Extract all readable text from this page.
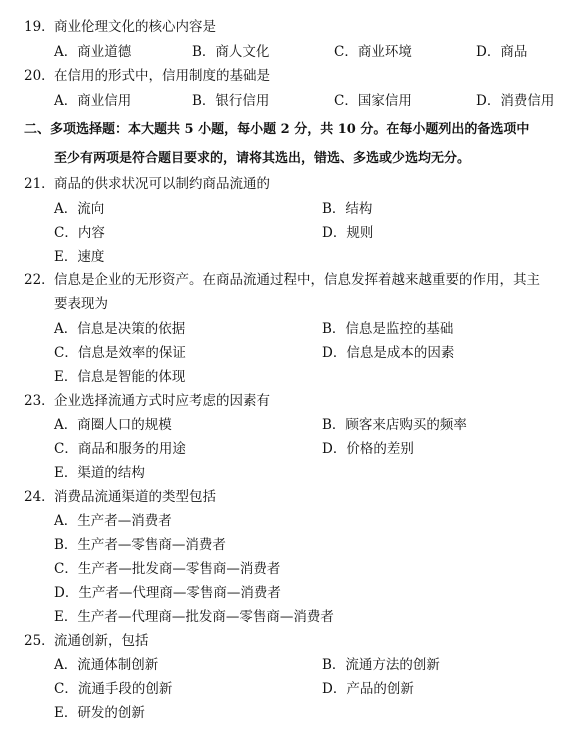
19． 商业伦理文化的核心内容是
A．商业道德	B．商人文化	C．商业环境	D．商品
20． 在信用的形式中，信用制度的基础是
A．商业信用	B．银行信用	C．国家信用	D．消费信用
二、多项选择题：本大题共 5 小题，每小题 2 分，共 10 分。在每小题列出的备选项中
至少有两项是符合题目要求的，请将其选出，错选、多选或少选均无分。
21． 商品的供求状况可以制约商品流通的
A．流向	B．结构
C．内容	D．规则
E．速度
22． 信息是企业的无形资产。在商品流通过程中，信息发挥着越来越重要的作用，其主
要表现为
A．信息是决策的依据	B．信息是监控的基础
C．信息是效率的保证	D．信息是成本的因素
E．信息是智能的体现
23． 企业选择流通方式时应考虑的因素有
A．商圈人口的规模	B．顾客来店购买的频率
C．商品和服务的用途	D．价格的差别
E．渠道的结构
24． 消费品流通渠道的类型包括
A．生产者—消费者
B．生产者—零售商—消费者
C．生产者—批发商—零售商—消费者
D．生产者—代理商—零售商—消费者
E．生产者—代理商—批发商—零售商—消费者
25． 流通创新，包括
A．流通体制创新	B．流通方法的创新
C．流通手段的创新	D．产品的创新
E．研发的创新
